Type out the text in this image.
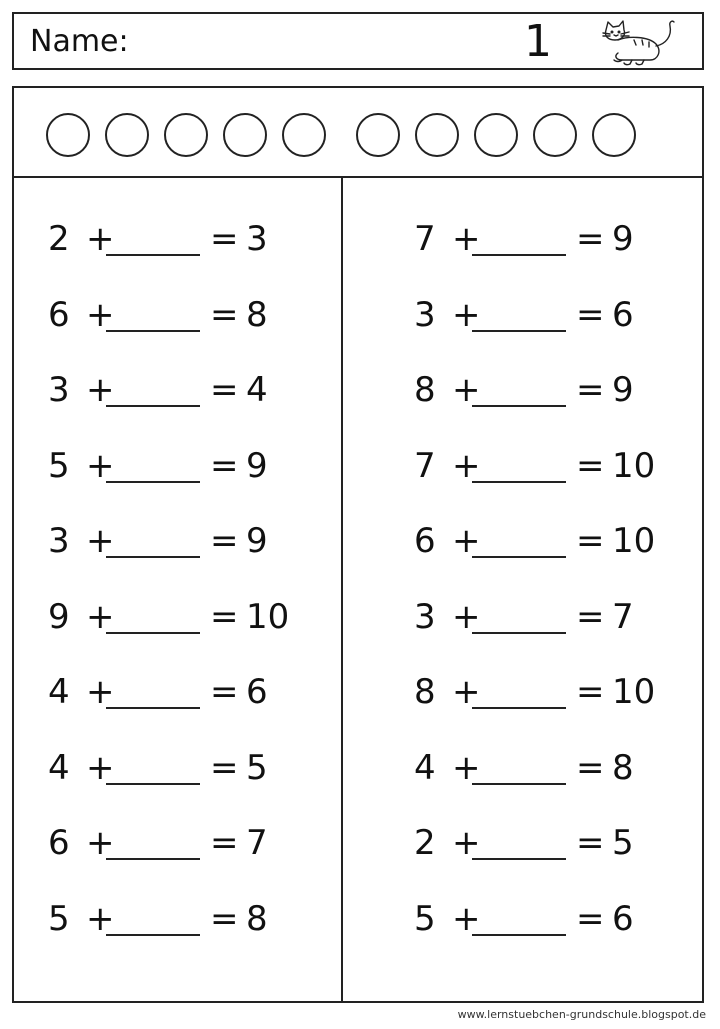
Name:	1
2 +	= 3
6 +	= 8
3 +	= 4
5 +	= 9
3 +	= 9
9 +	= 10
4 +	= 6
4 +	= 5
6 +	= 7
5 +	= 8
7 +	= 9
3 +	= 6
8 +	= 9
7 +	= 10
6 +	= 10
3 +	= 7
8 +	= 10
4 +	= 8
2 +	= 5
5 +	= 6
www.lernstuebchen-grundschule.blogspot.de
